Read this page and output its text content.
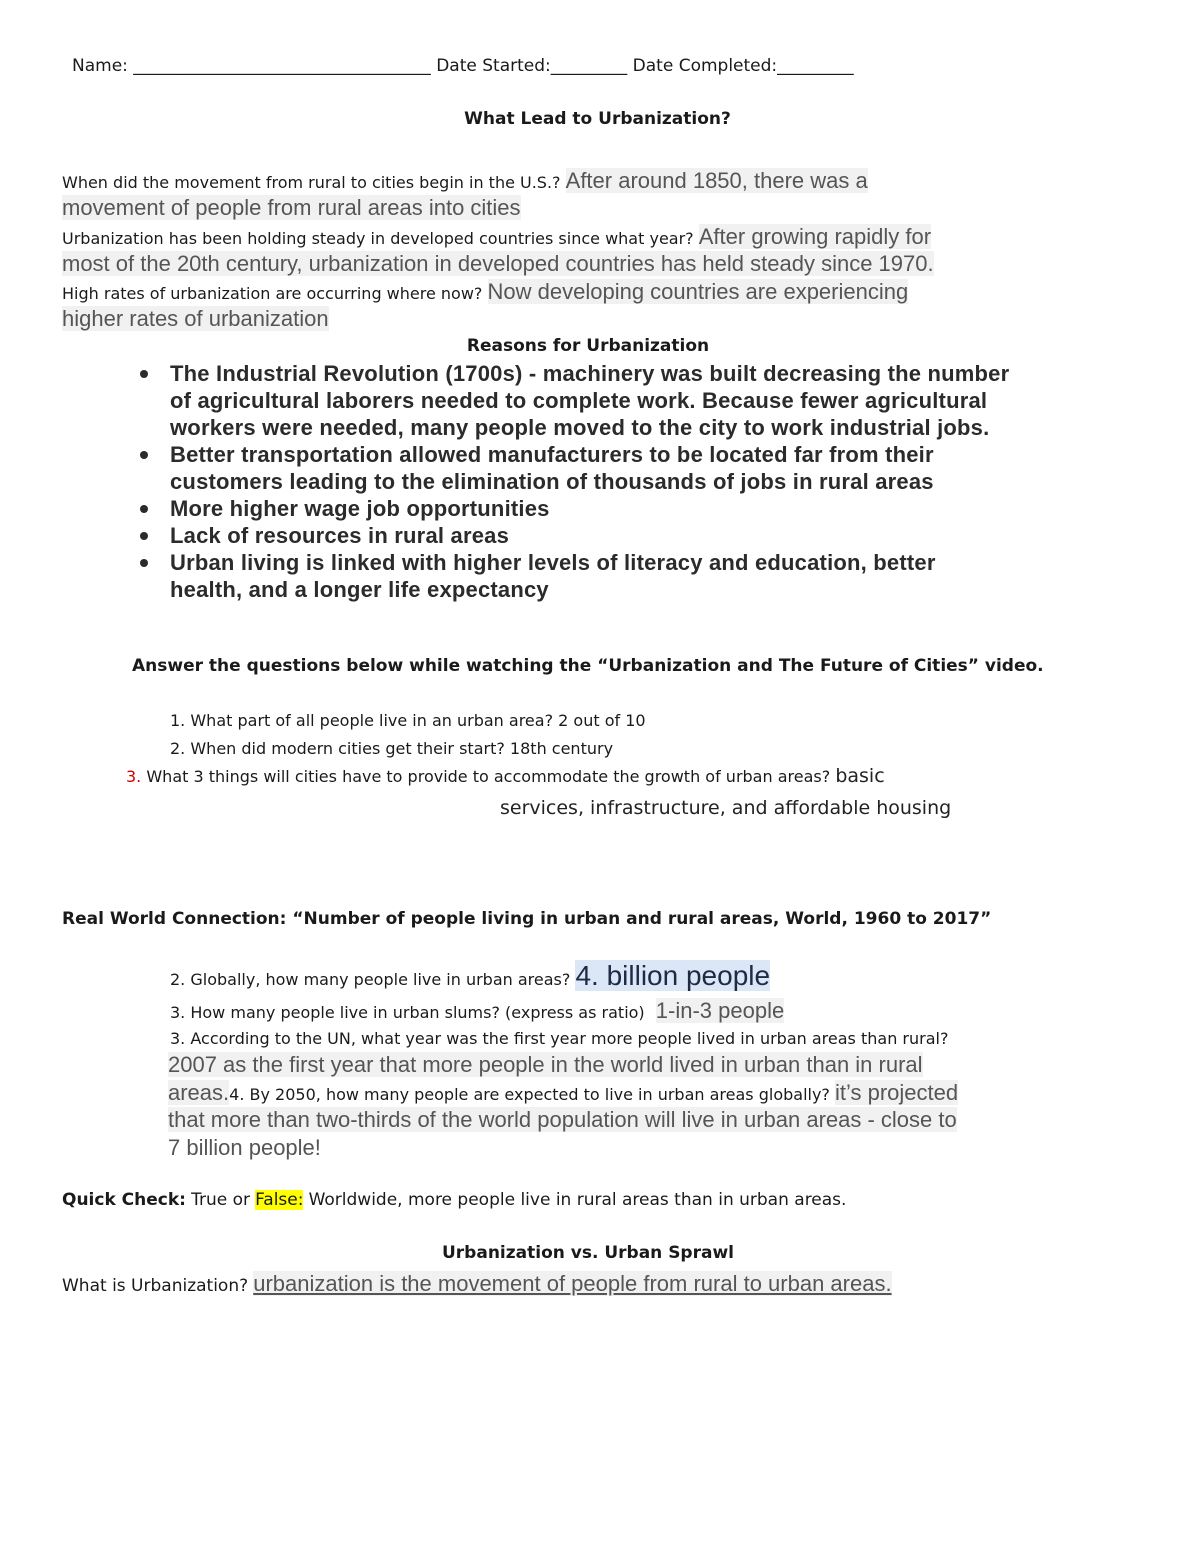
Name: ___________________________________ Date Started:_________ Date Completed:_________
What Lead to Urbanization?
When did the movement from rural to cities begin in the U.S.? After around 1850, there was a
movement of people from rural areas into cities
Urbanization has been holding steady in developed countries since what year? After growing rapidly for
most of the 20th century, urbanization in developed countries has held steady since 1970.
High rates of urbanization are occurring where now? Now developing countries are experiencing
higher rates of urbanization
Reasons for Urbanization
The Industrial Revolution (1700s) - machinery was built decreasing the number of agricultural laborers needed to complete work. Because fewer agricultural workers were needed, many people moved to the city to work industrial jobs.
Better transportation allowed manufacturers to be located far from their customers leading to the elimination of thousands of jobs in rural areas
More higher wage job opportunities
Lack of resources in rural areas
Urban living is linked with higher levels of literacy and education, better health, and a longer life expectancy
Answer the questions below while watching the “Urbanization and The Future of Cities” video.
1. What part of all people live in an urban area? 2 out of 10
2. When did modern cities get their start? 18th century
3. What 3 things will cities have to provide to accommodate the growth of urban areas? basic
services, infrastructure, and affordable housing
Real World Connection: “Number of people living in urban and rural areas, World, 1960 to 2017”
2. Globally, how many people live in urban areas? 4. billion people
3. How many people live in urban slums? (express as ratio) 1-in-3 people
3. According to the UN, what year was the first year more people lived in urban areas than rural?
2007 as the first year that more people in the world lived in urban than in rural
areas.4. By 2050, how many people are expected to live in urban areas globally? it’s projected
that more than two-thirds of the world population will live in urban areas - close to
7 billion people!
Quick Check: True or False: Worldwide, more people live in rural areas than in urban areas.
Urbanization vs. Urban Sprawl
What is Urbanization? urbanization is the movement of people from rural to urban areas.
